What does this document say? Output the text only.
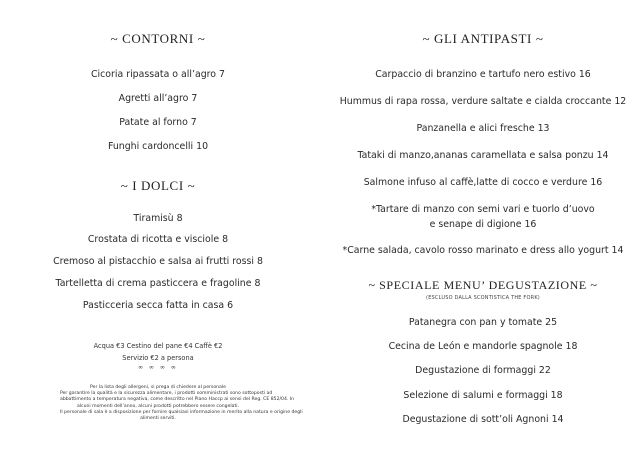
~ CONTORNI ~
Cicoria ripassata o all’agro 7
Agretti all’agro 7
Patate al forno 7
Funghi cardoncelli 10
~ I DOLCI ~
Tiramisù 8
Crostata di ricotta e visciole 8
Cremoso al pistacchio e salsa ai frutti rossi 8
Tartelletta di crema pasticcera e fragoline 8
Pasticceria secca fatta in casa 6
Acqua €3 Cestino del pane €4 Caffè €2
Servizio €2 a persona
∞ ∞ ∞ ∞
Per la lista degli allergeni, si prega di chiedere al personale
Per garantire la qualità e la sicurezza alimentare, i prodotti somministrati sono sottoposti ad
abbattimento a temperatura negativa, come descritto nel Piano Haccp ai sensi del Reg. CE 852/04. In
alcuni momenti dell’anno, alcuni prodotti potrebbero essere congelati.
Il personale di sala è a disposizione per fornire qualsiasi informazione in merito alla natura e origine degli
alimenti serviti.
~ GLI ANTIPASTI ~
Carpaccio di branzino e tartufo nero estivo 16
Hummus di rapa rossa, verdure saltate e cialda croccante 12
Panzanella e alici fresche 13
Tataki di manzo,ananas caramellata e salsa ponzu 14
Salmone infuso al caffè,latte di cocco e verdure 16
*Tartare di manzo con semi vari e tuorlo d’uovo
e senape di digione 16
*Carne salada, cavolo rosso marinato e dress allo yogurt 14
~ SPECIALE MENU’ DEGUSTAZIONE ~
(ESCLUSO DALLA SCONTISTICA THE FORK)
Patanegra con pan y tomate 25
Cecina de León e mandorle spagnole 18
Degustazione di formaggi 22
Selezione di salumi e formaggi 18
Degustazione di sott’oli Agnoni 14
